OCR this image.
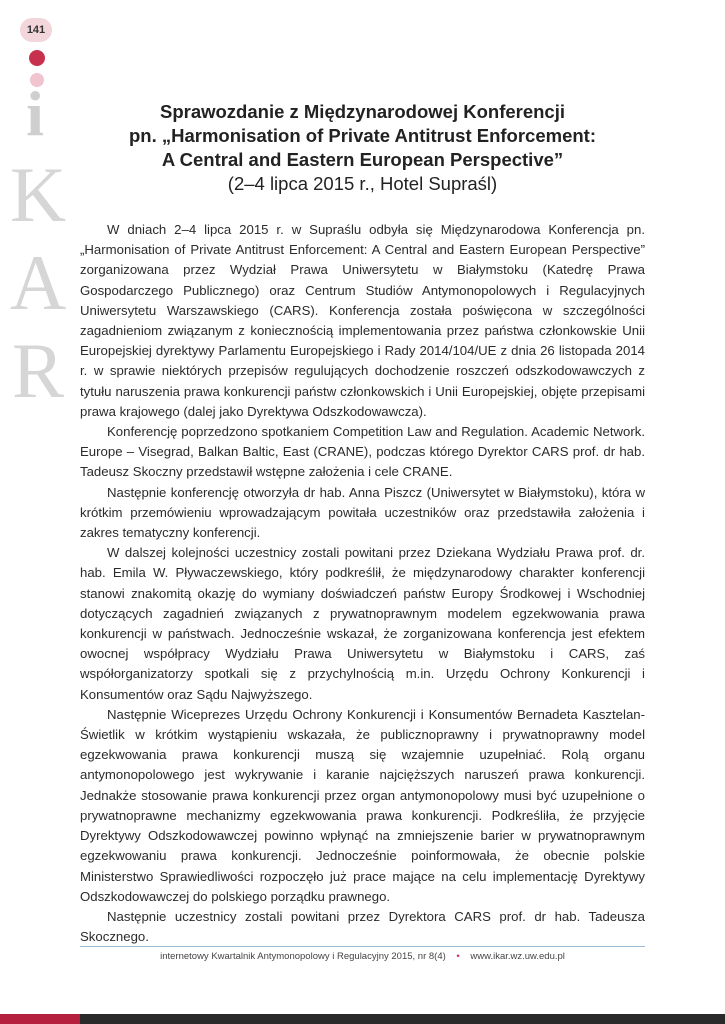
141
i
K
A
R
Sprawozdanie z Międzynarodowej Konferencji
pn. „Harmonisation of Private Antitrust Enforcement:
A Central and Eastern European Perspective”
(2–4 lipca 2015 r., Hotel Supraśl)

W dniach 2–4 lipca 2015 r. w Supraślu odbyła się Międzynarodowa Konferencja pn. „Harmonisation of Private Antitrust Enforcement: A Central and Eastern European Perspective” zorganizowana przez Wydział Prawa Uniwersytetu w Białymstoku (Katedrę Prawa Gospodarczego Publicznego) oraz Centrum Studiów Antymonopolowych i Regulacyjnych Uniwersytetu Warszawskiego (CARS). Konferencja została poświęcona w szczególności zagadnieniom związanym z koniecznością implementowania przez państwa członkowskie Unii Europejskiej dyrektywy Parlamentu Europejskiego i Rady 2014/104/UE z dnia 26 listopada 2014 r. w sprawie niektórych przepisów regulujących dochodzenie roszczeń odszkodowawczych z tytułu naruszenia prawa konkurencji państw członkowskich i Unii Europejskiej, objęte przepisami prawa krajowego (dalej jako Dyrektywa Odszkodowawcza).

Konferencję poprzedzono spotkaniem Competition Law and Regulation. Academic Network. Europe – Visegrad, Balkan Baltic, East (CRANE), podczas którego Dyrektor CARS prof. dr hab. Tadeusz Skoczny przedstawił wstępne założenia i cele CRANE.

Następnie konferencję otworzyła dr hab. Anna Piszcz (Uniwersytet w Białymstoku), która w krótkim przemówieniu wprowadzającym powitała uczestników oraz przedstawiła założenia i zakres tematyczny konferencji.

W dalszej kolejności uczestnicy zostali powitani przez Dziekana Wydziału Prawa prof. dr. hab. Emila W. Pływaczewskiego, który podkreślił, że międzynarodowy charakter konferencji stanowi znakomitą okazję do wymiany doświadczeń państw Europy Środkowej i Wschodniej dotyczących zagadnień związanych z prywatnoprawnym modelem egzekwowania prawa konkurencji w państwach. Jednocześnie wskazał, że zorganizowana konferencja jest efektem owocnej współpracy Wydziału Prawa Uniwersytetu w Białymstoku i CARS, zaś współorganizatorzy spotkali się z przychylnością m.in. Urzędu Ochrony Konkurencji i Konsumentów oraz Sądu Najwyższego.

Następnie Wiceprezes Urzędu Ochrony Konkurencji i Konsumentów Bernadeta Kasztelan-Świetlik w krótkim wystąpieniu wskazała, że publicznoprawny i prywatnoprawny model egzekwowania prawa konkurencji muszą się wzajemnie uzupełniać. Rolą organu antymonopolowego jest wykrywanie i karanie najcięższych naruszeń prawa konkurencji. Jednakże stosowanie prawa konkurencji przez organ antymonopolowy musi być uzupełnione o prywatnoprawne mechanizmy egzekwowania prawa konkurencji. Podkreśliła, że przyjęcie Dyrektywy Odszkodowawczej powinno wpłynąć na zmniejszenie barier w prywatnoprawnym egzekwowaniu prawa konkurencji. Jednocześnie poinformowała, że obecnie polskie Ministerstwo Sprawiedliwości rozpoczęło już prace mające na celu implementację Dyrektywy Odszkodowawczej do polskiego porządku prawnego.

Następnie uczestnicy zostali powitani przez Dyrektora CARS prof. dr hab. Tadeusza Skocznego.

internetowy Kwartalnik Antymonopolowy i Regulacyjny 2015, nr 8(4) • www.ikar.wz.uw.edu.pl
